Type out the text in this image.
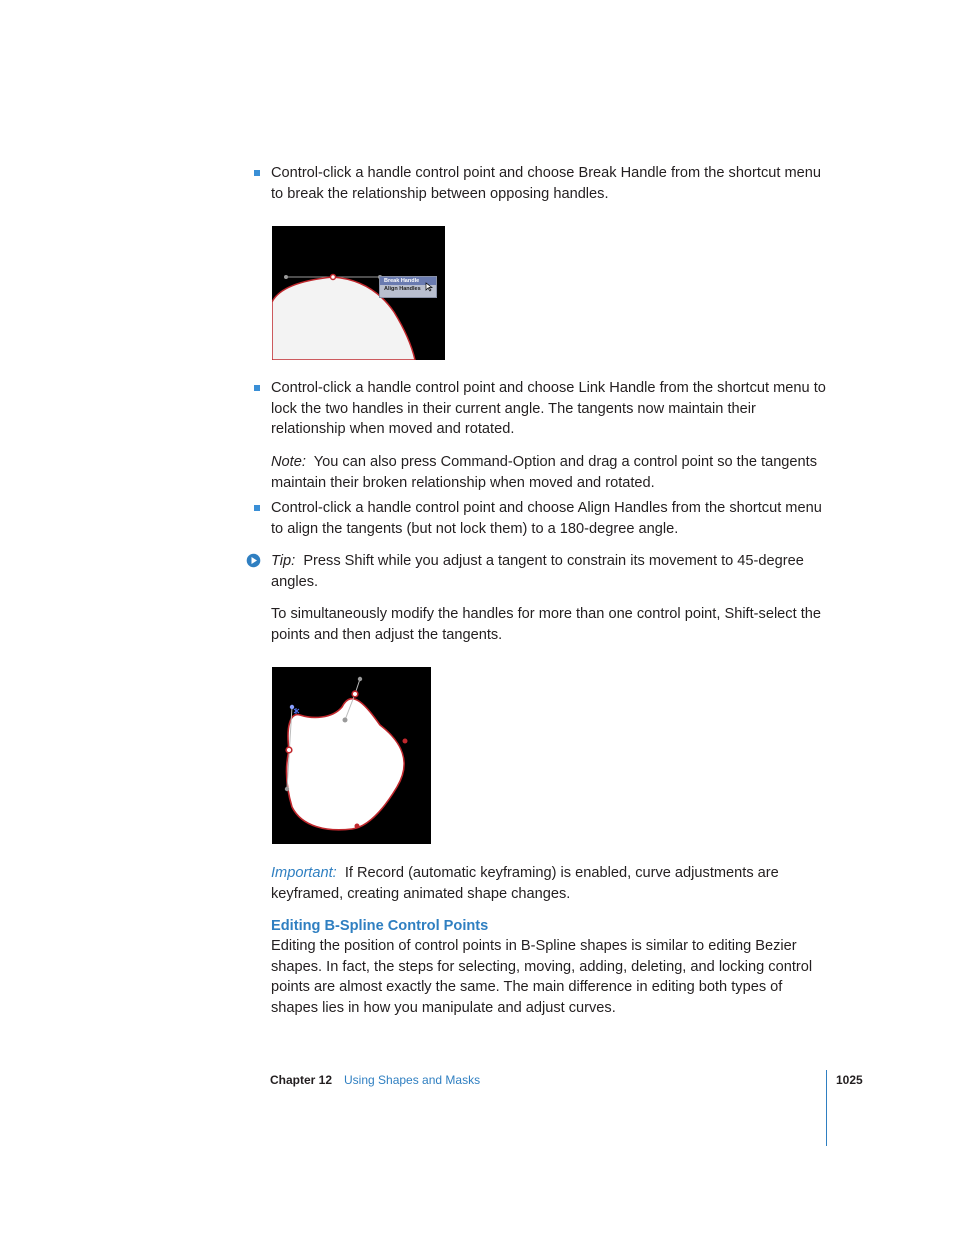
Control-click a handle control point and choose Break Handle from the shortcut menu to break the relationship between opposing handles.
Break Handle
Align Handles
Control-click a handle control point and choose Link Handle from the shortcut menu to lock the two handles in their current angle. The tangents now maintain their relationship when moved and rotated.
Note: You can also press Command-Option and drag a control point so the tangents maintain their broken relationship when moved and rotated.
Control-click a handle control point and choose Align Handles from the shortcut menu to align the tangents (but not lock them) to a 180-degree angle.
Tip: Press Shift while you adjust a tangent to constrain its movement to 45-degree angles.
To simultaneously modify the handles for more than one control point, Shift-select the points and then adjust the tangents.
Important: If Record (automatic keyframing) is enabled, curve adjustments are keyframed, creating animated shape changes.
Editing B-Spline Control Points
Editing the position of control points in B-Spline shapes is similar to editing Bezier shapes. In fact, the steps for selecting, moving, adding, deleting, and locking control points are almost exactly the same. The main difference in editing both types of shapes lies in how you manipulate and adjust curves.
Chapter 12 Using Shapes and Masks	1025
